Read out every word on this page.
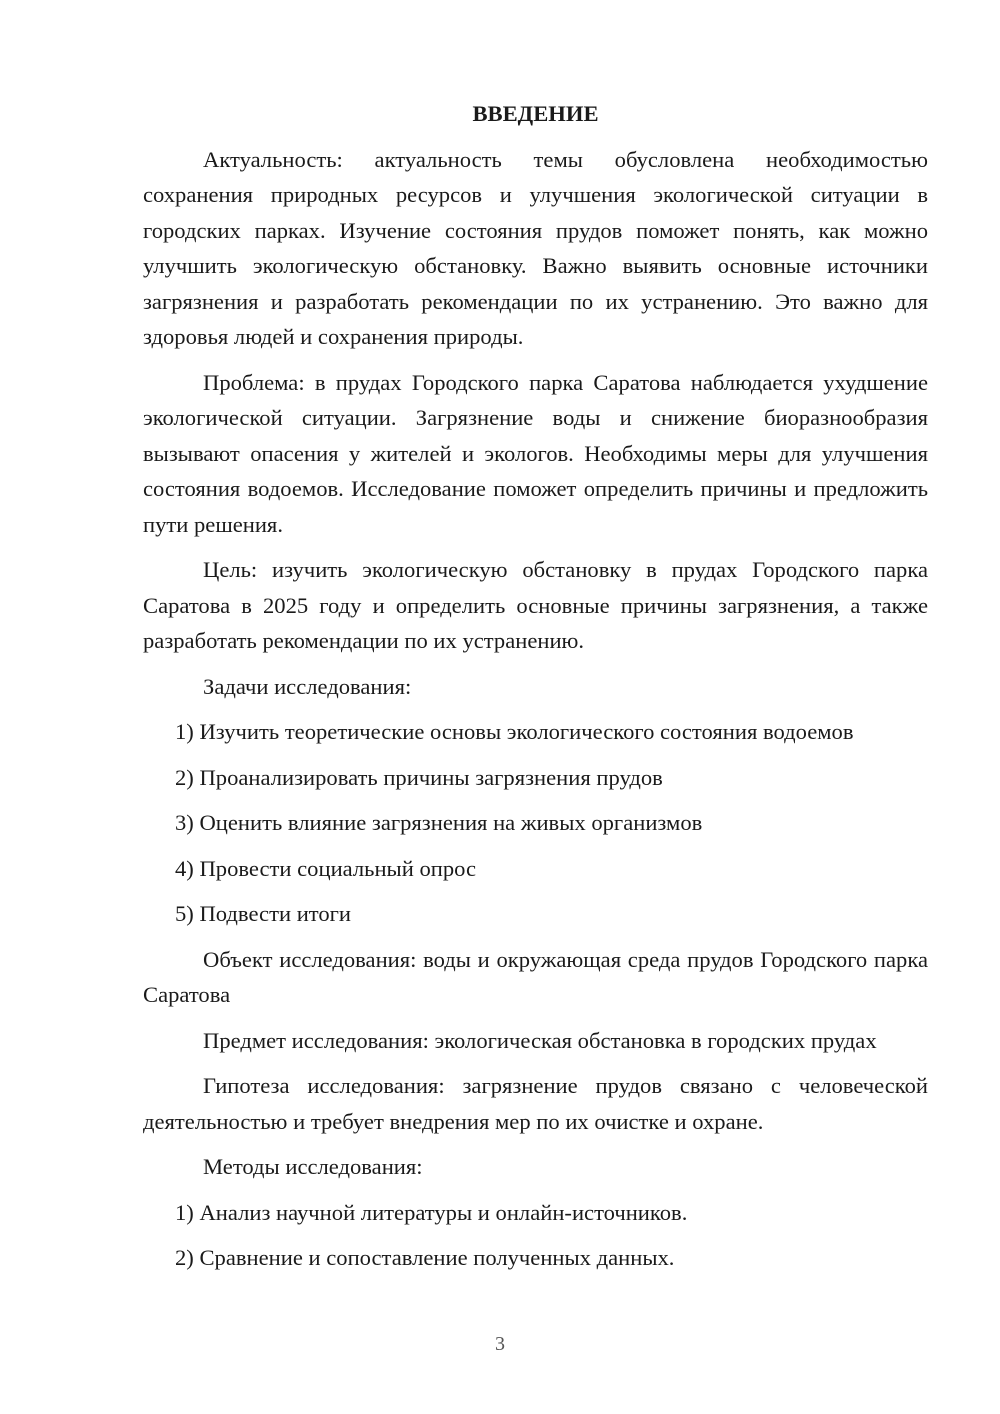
ВВЕДЕНИЕ
Актуальность: актуальность темы обусловлена необходимостью сохранения природных ресурсов и улучшения экологической ситуации в городских парках. Изучение состояния прудов поможет понять, как можно улучшить экологическую обстановку. Важно выявить основные источники загрязнения и разработать рекомендации по их устранению. Это важно для здоровья людей и сохранения природы.
Проблема: в прудах Городского парка Саратова наблюдается ухудшение экологической ситуации. Загрязнение воды и снижение биоразнообразия вызывают опасения у жителей и экологов. Необходимы меры для улучшения состояния водоемов. Исследование поможет определить причины и предложить пути решения.
Цель: изучить экологическую обстановку в прудах Городского парка Саратова в 2025 году и определить основные причины загрязнения, а также разработать рекомендации по их устранению.
Задачи исследования:
1) Изучить теоретические основы экологического состояния водоемов
2) Проанализировать причины загрязнения прудов
3) Оценить влияние загрязнения на живых организмов
4) Провести социальный опрос
5) Подвести итоги
Объект исследования: воды и окружающая среда прудов Городского парка Саратова
Предмет исследования: экологическая обстановка в городских прудах
Гипотеза исследования: загрязнение прудов связано с человеческой деятельностью и требует внедрения мер по их очистке и охране.
Методы исследования:
1) Анализ научной литературы и онлайн-источников.
2) Сравнение и сопоставление полученных данных.
3
